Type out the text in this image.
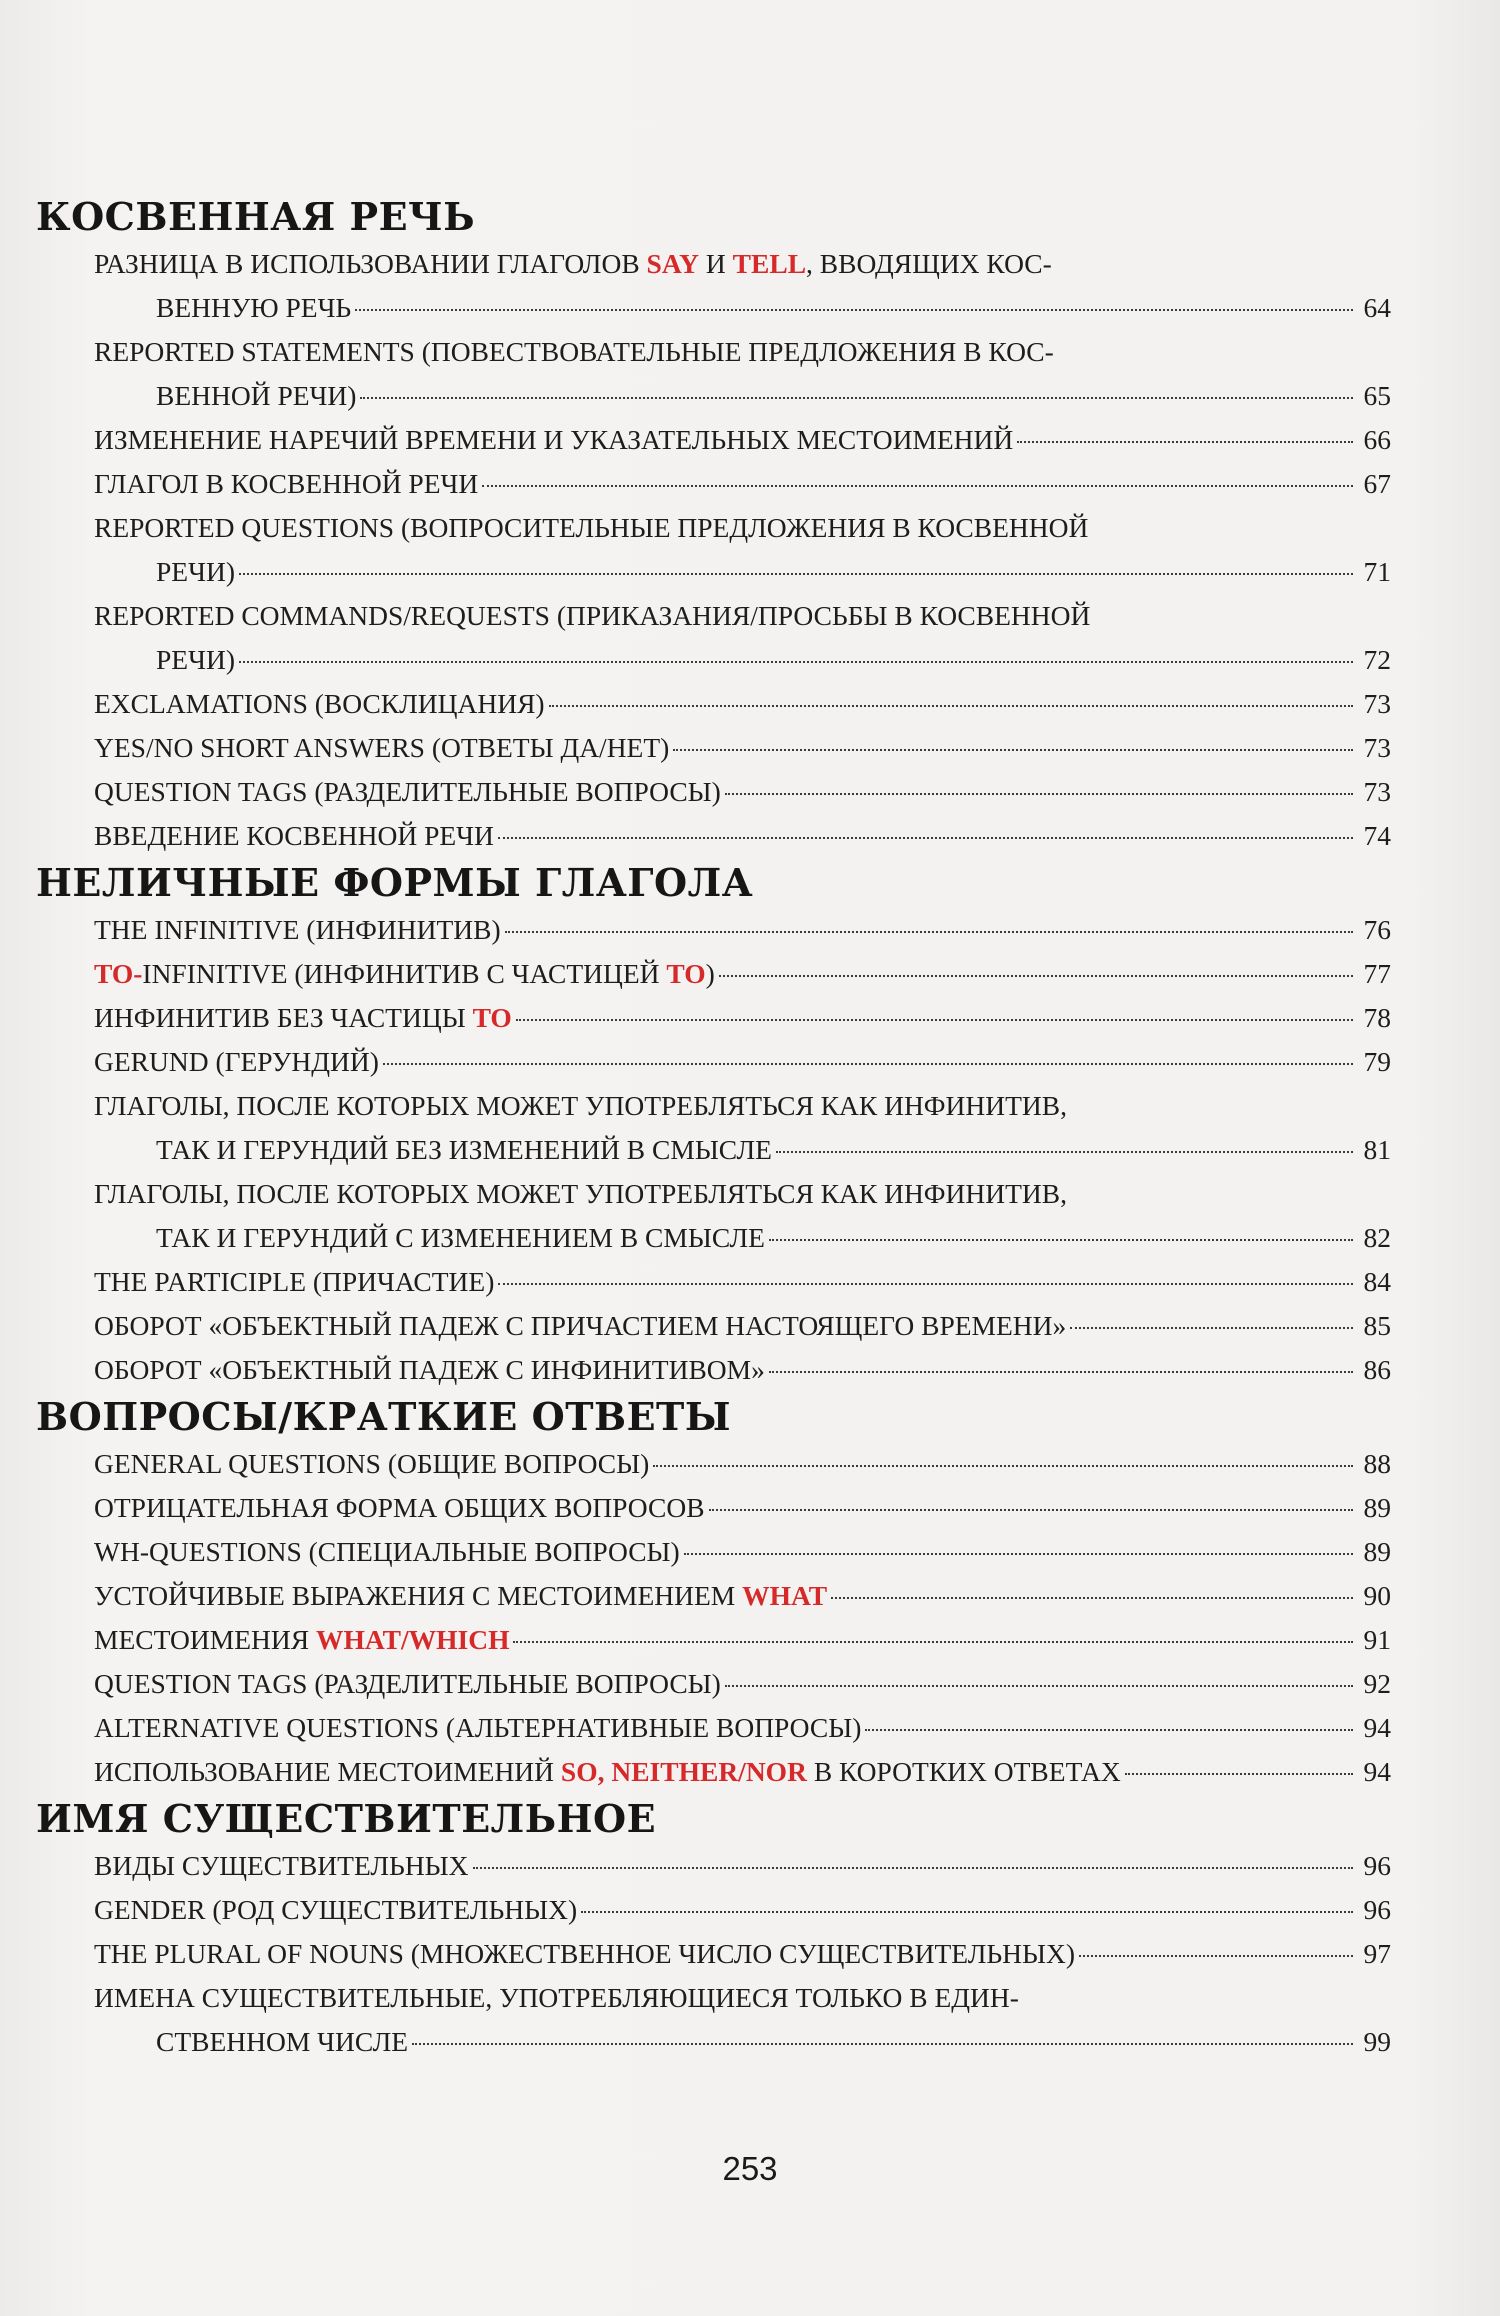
КОСВЕННАЯ РЕЧЬ
РАЗНИЦА В ИСПОЛЬЗОВАНИИ ГЛАГОЛОВ SAY И TELL, ВВОДЯЩИХ КОС-
ВЕННУЮ РЕЧЬ	64
REPORTED STATEMENTS (ПОВЕСТВОВАТЕЛЬНЫЕ ПРЕДЛОЖЕНИЯ В КОС-
ВЕННОЙ РЕЧИ)	65
ИЗМЕНЕНИЕ НАРЕЧИЙ ВРЕМЕНИ И УКАЗАТЕЛЬНЫХ МЕСТОИМЕНИЙ	66
ГЛАГОЛ В КОСВЕННОЙ РЕЧИ	67
REPORTED QUESTIONS (ВОПРОСИТЕЛЬНЫЕ ПРЕДЛОЖЕНИЯ В КОСВЕННОЙ
РЕЧИ)	71
REPORTED COMMANDS/REQUESTS (ПРИКАЗАНИЯ/ПРОСЬБЫ В КОСВЕННОЙ
РЕЧИ)	72
EXCLAMATIONS (ВОСКЛИЦАНИЯ)	73
YES/NO SHORT ANSWERS (ОТВЕТЫ ДА/НЕТ)	73
QUESTION TAGS (РАЗДЕЛИТЕЛЬНЫЕ ВОПРОСЫ)	73
ВВЕДЕНИЕ КОСВЕННОЙ РЕЧИ	74
НЕЛИЧНЫЕ ФОРМЫ ГЛАГОЛА
THE INFINITIVE (ИНФИНИТИВ)	76
TO-INFINITIVE (ИНФИНИТИВ С ЧАСТИЦЕЙ TO)	77
ИНФИНИТИВ БЕЗ ЧАСТИЦЫ TO	78
GERUND (ГЕРУНДИЙ)	79
ГЛАГОЛЫ, ПОСЛЕ КОТОРЫХ МОЖЕТ УПОТРЕБЛЯТЬСЯ КАК ИНФИНИТИВ,
ТАК И ГЕРУНДИЙ БЕЗ ИЗМЕНЕНИЙ В СМЫСЛЕ	81
ГЛАГОЛЫ, ПОСЛЕ КОТОРЫХ МОЖЕТ УПОТРЕБЛЯТЬСЯ КАК ИНФИНИТИВ,
ТАК И ГЕРУНДИЙ С ИЗМЕНЕНИЕМ В СМЫСЛЕ	82
THE PARTICIPLE (ПРИЧАСТИЕ)	84
ОБОРОТ «ОБЪЕКТНЫЙ ПАДЕЖ С ПРИЧАСТИЕМ НАСТОЯЩЕГО ВРЕМЕНИ»	85
ОБОРОТ «ОБЪЕКТНЫЙ ПАДЕЖ С ИНФИНИТИВОМ»	86
ВОПРОСЫ/КРАТКИЕ ОТВЕТЫ
GENERAL QUESTIONS (ОБЩИЕ ВОПРОСЫ)	88
ОТРИЦАТЕЛЬНАЯ ФОРМА ОБЩИХ ВОПРОСОВ	89
WH-QUESTIONS (СПЕЦИАЛЬНЫЕ ВОПРОСЫ)	89
УСТОЙЧИВЫЕ ВЫРАЖЕНИЯ С МЕСТОИМЕНИЕМ WHAT	90
МЕСТОИМЕНИЯ WHAT/WHICH	91
QUESTION TAGS (РАЗДЕЛИТЕЛЬНЫЕ ВОПРОСЫ)	92
ALTERNATIVE QUESTIONS (АЛЬТЕРНАТИВНЫЕ ВОПРОСЫ)	94
ИСПОЛЬЗОВАНИЕ МЕСТОИМЕНИЙ SO, NEITHER/NOR В КОРОТКИХ ОТВЕТАХ	94
ИМЯ СУЩЕСТВИТЕЛЬНОЕ
ВИДЫ СУЩЕСТВИТЕЛЬНЫХ	96
GENDER (РОД СУЩЕСТВИТЕЛЬНЫХ)	96
THE PLURAL OF NOUNS (МНОЖЕСТВЕННОЕ ЧИСЛО СУЩЕСТВИТЕЛЬНЫХ)	97
ИМЕНА СУЩЕСТВИТЕЛЬНЫЕ, УПОТРЕБЛЯЮЩИЕСЯ ТОЛЬКО В ЕДИН-
СТВЕННОМ ЧИСЛЕ	99
253
